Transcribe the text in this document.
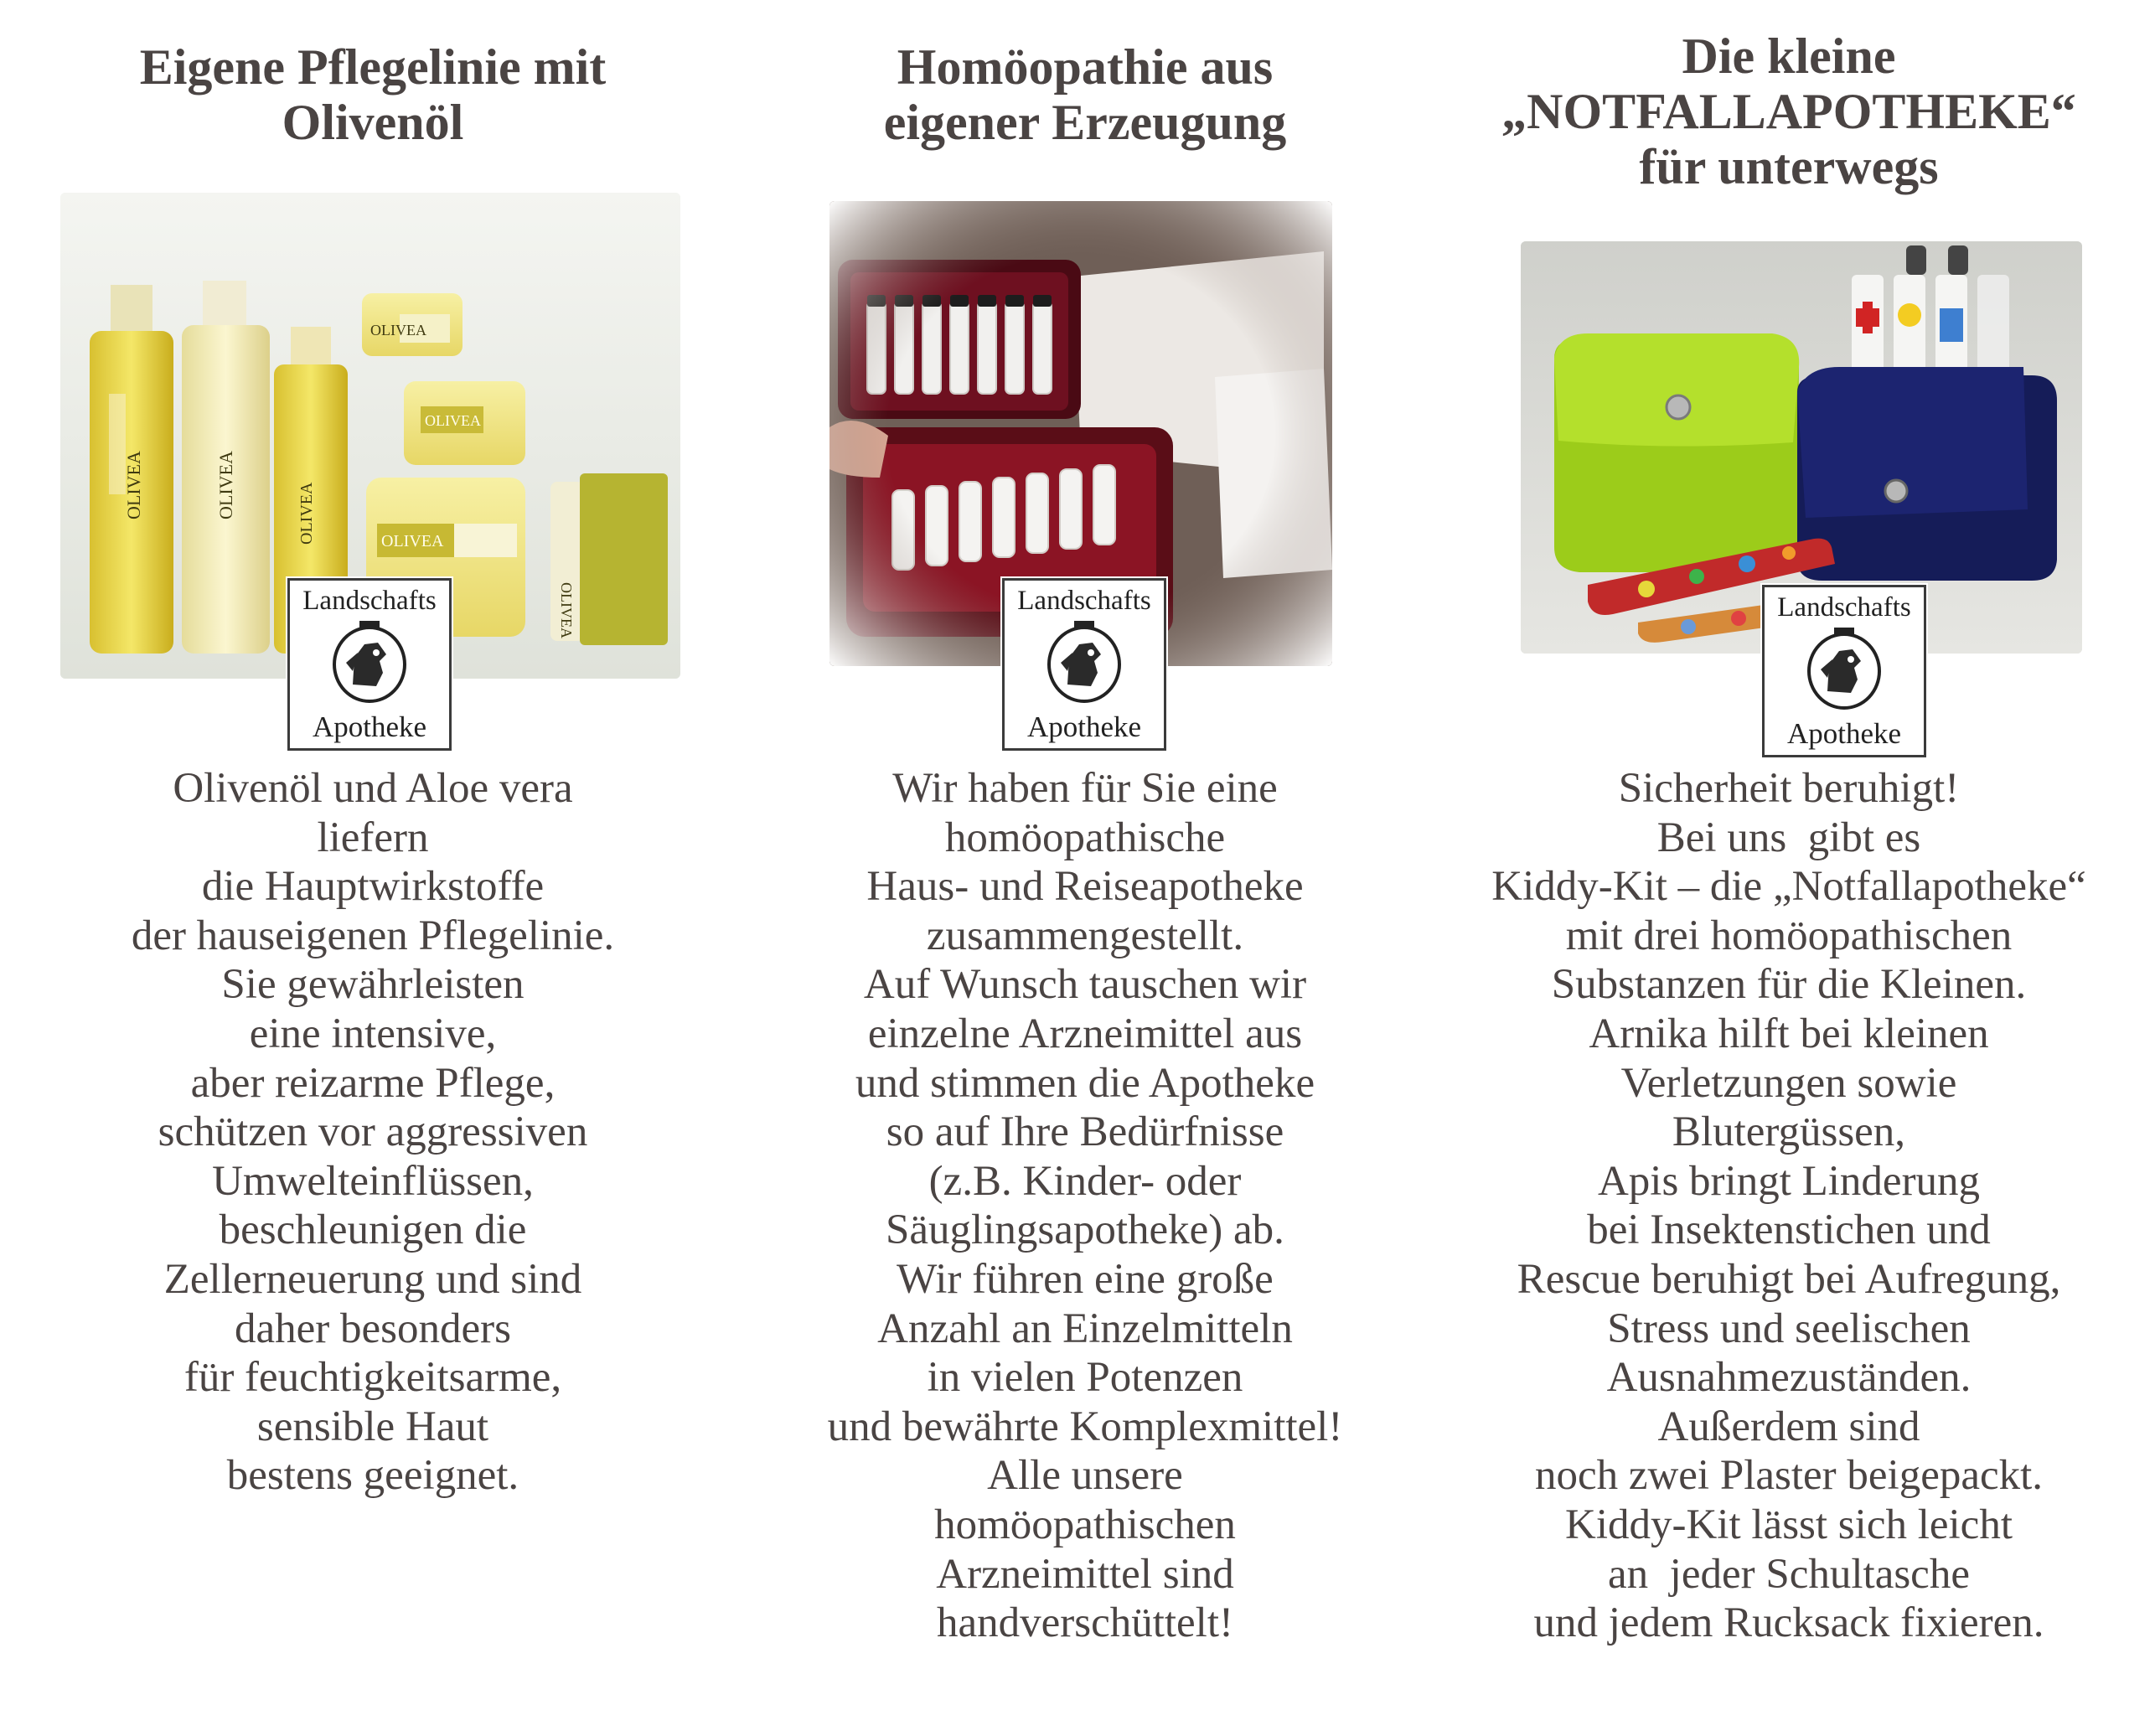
Eigene Pflegelinie mit
Olivenöl
OLIVEA	OLIVEA	OLIVEA
OLIVEA
OLIVEA
OLIVEA
OLIVEA
Landschafts
Apotheke
Olivenöl und Aloe vera
liefern
die Hauptwirkstoffe
der hauseigenen Pflegelinie.
Sie gewährleisten
eine intensive,
aber reizarme Pflege,
schützen vor aggressiven
Umwelteinflüssen,
beschleunigen die
Zellerneuerung und sind
daher besonders
für feuchtigkeitsarme,
sensible Haut
bestens geeignet.
Homöopathie aus
eigener Erzeugung
Landschafts
Apotheke
Wir haben für Sie eine
homöopathische
Haus- und Reiseapotheke
zusammengestellt.
Auf Wunsch tauschen wir
einzelne Arzneimittel aus
und stimmen die Apotheke
so auf Ihre Bedürfnisse
(z.B. Kinder- oder
Säuglingsapotheke) ab.
Wir führen eine große
Anzahl an Einzelmitteln
in vielen Potenzen
und bewährte Komplexmittel!
Alle unsere
homöopathischen
Arzneimittel sind
handverschüttelt!
Die kleine
„NOTFALLAPOTHEKE“
für unterwegs
Landschafts
Apotheke
Sicherheit beruhigt!
Bei uns  gibt es
Kiddy-Kit – die „Notfallapotheke“
mit drei homöopathischen
Substanzen für die Kleinen.
Arnika hilft bei kleinen
Verletzungen sowie
Blutergüssen,
Apis bringt Linderung
bei Insektenstichen und
Rescue beruhigt bei Aufregung,
Stress und seelischen
Ausnahmezuständen.
Außerdem sind
noch zwei Plaster beigepackt.
Kiddy-Kit lässt sich leicht
an  jeder Schultasche
und jedem Rucksack fixieren.
